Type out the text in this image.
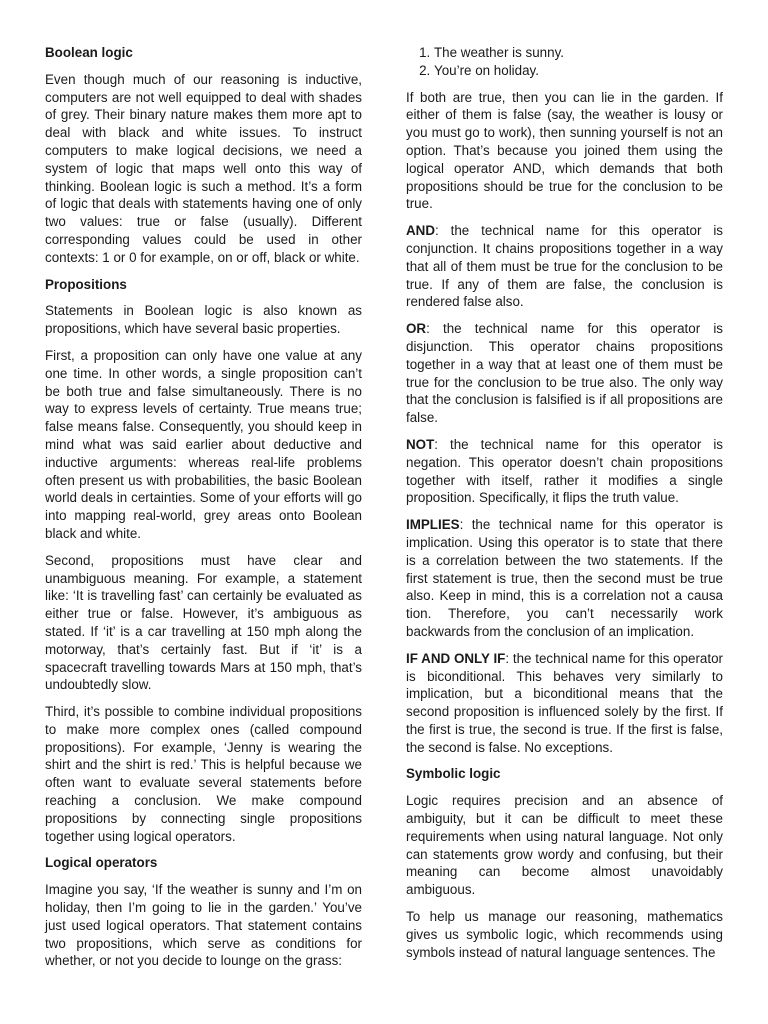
Boolean logic

Even though much of our reasoning is inductive, computers are not well equipped to deal with shades of grey. Their binary nature makes them more apt to deal with black and white issues. To instruct computers to make logical decisions, we need a system of logic that maps well onto this way of thinking. Boolean logic is such a method. It’s a form of logic that deals with statements having one of only two values: true or false (usually). Different corresponding values could be used in other contexts: 1 or 0 for example, on or off, black or white.

Propositions

Statements in Boolean logic is also known as propositions, which have several basic properties.

First, a proposition can only have one value at any one time. In other words, a single proposition can’t be both true and false simultaneously. There is no way to express levels of certainty. True means true; false means false. Consequently, you should keep in mind what was said earlier about deductive and inductive arguments: whereas real-life problems often present us with probabilities, the basic Boolean world deals in certainties. Some of your efforts will go into mapping real-world, grey areas onto Boolean black and white.

Second, propositions must have clear and unambiguous meaning. For example, a statement like: ‘It is travelling fast’ can certainly be evaluated as either true or false. However, it’s ambiguous as stated. If ‘it’ is a car travelling at 150 mph along the motorway, that’s certainly fast. But if ‘it’ is a spacecraft travelling towards Mars at 150 mph, that’s undoubtedly slow.

Third, it’s possible to combine individual propositions to make more complex ones (called compound propositions). For example, ‘Jenny is wearing the shirt and the shirt is red.’ This is helpful because we often want to evaluate several statements before reaching a conclusion. We make compound propositions by connecting single propositions together using logical operators.

Logical operators

Imagine you say, ‘If the weather is sunny and I’m on holiday, then I’m going to lie in the garden.’ You’ve just used logical operators. That statement contains two propositions, which serve as conditions for whether, or not you decide to lounge on the grass:

1. The weather is sunny.
2. You’re on holiday.

If both are true, then you can lie in the garden. If either of them is false (say, the weather is lousy or you must go to work), then sunning yourself is not an option. That’s because you joined them using the logical operator AND, which demands that both propositions should be true for the conclusion to be true.

AND: the technical name for this operator is conjunction. It chains propositions together in a way that all of them must be true for the conclusion to be true. If any of them are false, the conclusion is rendered false also.

OR: the technical name for this operator is disjunction. This operator chains propositions together in a way that at least one of them must be true for the conclusion to be true also. The only way that the conclusion is falsified is if all propositions are false.

NOT: the technical name for this operator is negation. This operator doesn’t chain propositions together with itself, rather it modifies a single proposition. Specifically, it flips the truth value.

IMPLIES: the technical name for this operator is implication. Using this operator is to state that there is a correlation between the two statements. If the first statement is true, then the second must be true also. Keep in mind, this is a correlation not a causa tion. Therefore, you can’t necessarily work backwards from the conclusion of an implication.

IF AND ONLY IF: the technical name for this operator is biconditional. This behaves very similarly to implication, but a biconditional means that the second proposition is influenced solely by the first. If the first is true, the second is true. If the first is false, the second is false. No exceptions.

Symbolic logic

Logic requires precision and an absence of ambiguity, but it can be difficult to meet these requirements when using natural language. Not only can statements grow wordy and confusing, but their meaning can become almost unavoidably ambiguous.

To help us manage our reasoning, mathematics gives us symbolic logic, which recommends using symbols instead of natural language sentences. The
